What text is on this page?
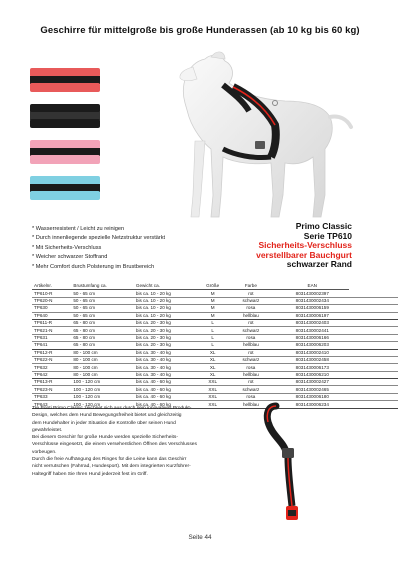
Geschirre für mittelgroße bis große Hunderassen (ab 10 kg bis 60 kg)
* Wasserresistent / Leicht zu reinigen
* Durch innenliegende spezielle Netzstruktur verstärkt
* Mit Sicherheits-Verschluss
* Weicher schwarzer Stoffrand
* Mehr Comfort durch Polsterung im Brustbereich
Primo Classic
Serie TP610
Sicherheits-Verschluss
verstellbarer Bauchgurt
schwarzer Rand
Artikelnr.	Brustumfang ca.	Gewicht ca.	Größe	Farbe	EAN	
TP610-R	50 - 65 cm	bis ca. 10 - 20 kg	M	rot	8031430002397	
TP620-N	50 - 65 cm	bis ca. 10 - 20 kg	M	schwarz	8031430002434	
TP630	50 - 65 cm	bis ca. 10 - 20 kg	M	rosa	8031430006159	
TP640	50 - 65 cm	bis ca. 10 - 20 kg	M	hellblau	8031430006197	
TP611-R	65 - 80 cm	bis ca. 20 - 30 kg	L	rot	8031430002403	
TP621-N	65 - 80 cm	bis ca. 20 - 30 kg	L	schwarz	8031430002441	
TP631	65 - 80 cm	bis ca. 20 - 30 kg	L	rosa	8031430006166	
TP641	65 - 80 cm	bis ca. 20 - 30 kg	L	hellblau	8031430006203	
TP612-R	80 - 100 cm	bis ca. 30 - 40 kg	XL	rot	8031430002410	
TP622-N	80 - 100 cm	bis ca. 30 - 40 kg	XL	schwarz	8031430002458	
TP632	80 - 100 cm	bis ca. 30 - 40 kg	XL	rosa	8031430006173	
TP642	80 - 100 cm	bis ca. 30 - 40 kg	XL	hellblau	8031430006210	
TP613-R	100 - 120 cm	bis ca. 40 - 60 kg	XXL	rot	8031430002427	
TP623-N	100 - 120 cm	bis ca. 40 - 60 kg	XXL	schwarz	8031430002465	
TP633	100 - 120 cm	bis ca. 40 - 60 kg	XXL	rosa	8031430006180	
TP643	100 - 120 cm	bis ca. 40 - 60 kg	XXL	hellblau	8031430006234	
Tre Ponti Primo Classic zeichnet sich aus durch sein innovatives Produkt-
Design, welches dem Hund Bewegungsfreiheit bietet und gleichzeitig
dem Hundehalter in jeder Situation die Kontrolle über seinen Hund
gewährleistet.
Bei diesem Geschirr für große Hunde werden spezielle Sicherheits-
Verschlüsse eingesetzt, die einem versehentlichen Öffnen des Verschlusses
vorbeugen.
Durch die freie Aufhängung des Ringes für die Leine kann das Geschirr
nicht verrutschen (Fahrrad, Hundesport). Mit dem integrierten Kurzführer-
Haltegriff haben Sie Ihren Hund jederzeit fest im Griff.
Seite 44
